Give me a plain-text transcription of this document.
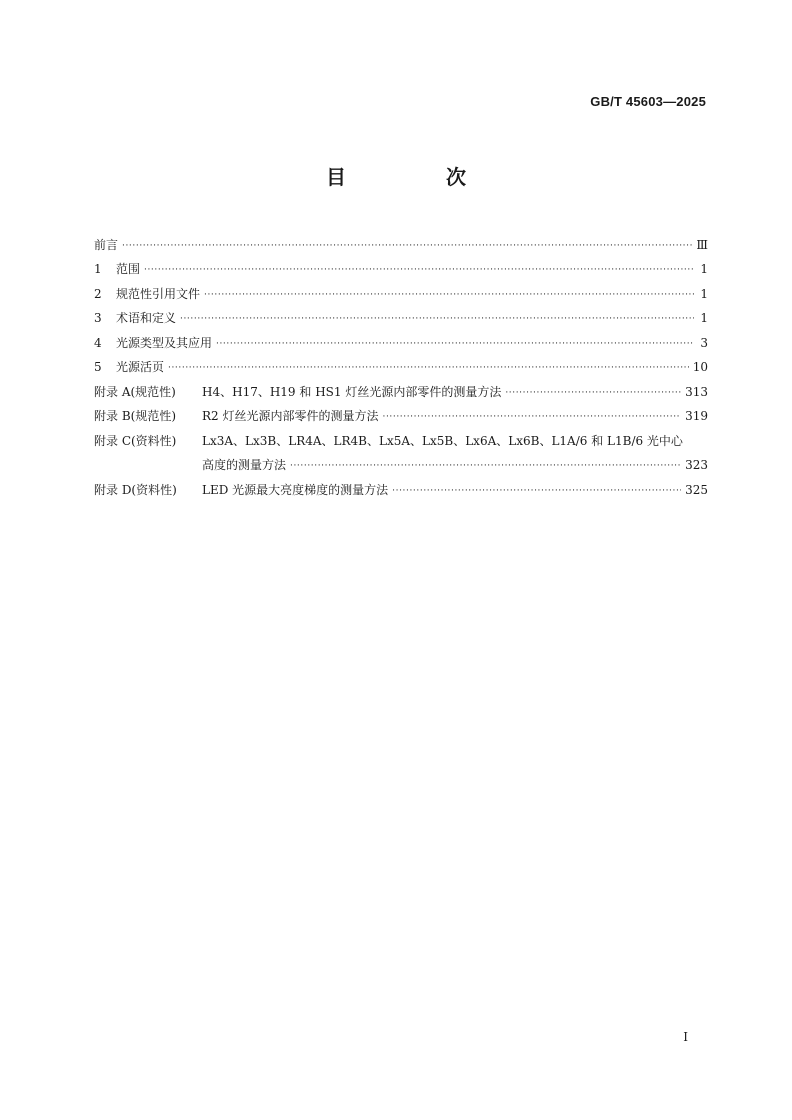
GB/T 45603—2025
目　次
前言 ·····	Ⅲ
1	范围 ·····	1
2	规范性引用文件 ·····	1
3	术语和定义 ·····	1
4	光源类型及其应用 ·····	3
5	光源活页 ·····	10
附录 A(规范性)	H4、H17、H19 和 HS1 灯丝光源内部零件的测量方法 ·····	313
附录 B(规范性)	R2 灯丝光源内部零件的测量方法 ·····	319
附录 C(资料性)	Lx3A、Lx3B、LR4A、LR4B、Lx5A、Lx5B、Lx6A、Lx6B、L1A/6 和 L1B/6 光中心
高度的测量方法 ·····	323
附录 D(资料性)	LED 光源最大亮度梯度的测量方法 ·····	325
I
